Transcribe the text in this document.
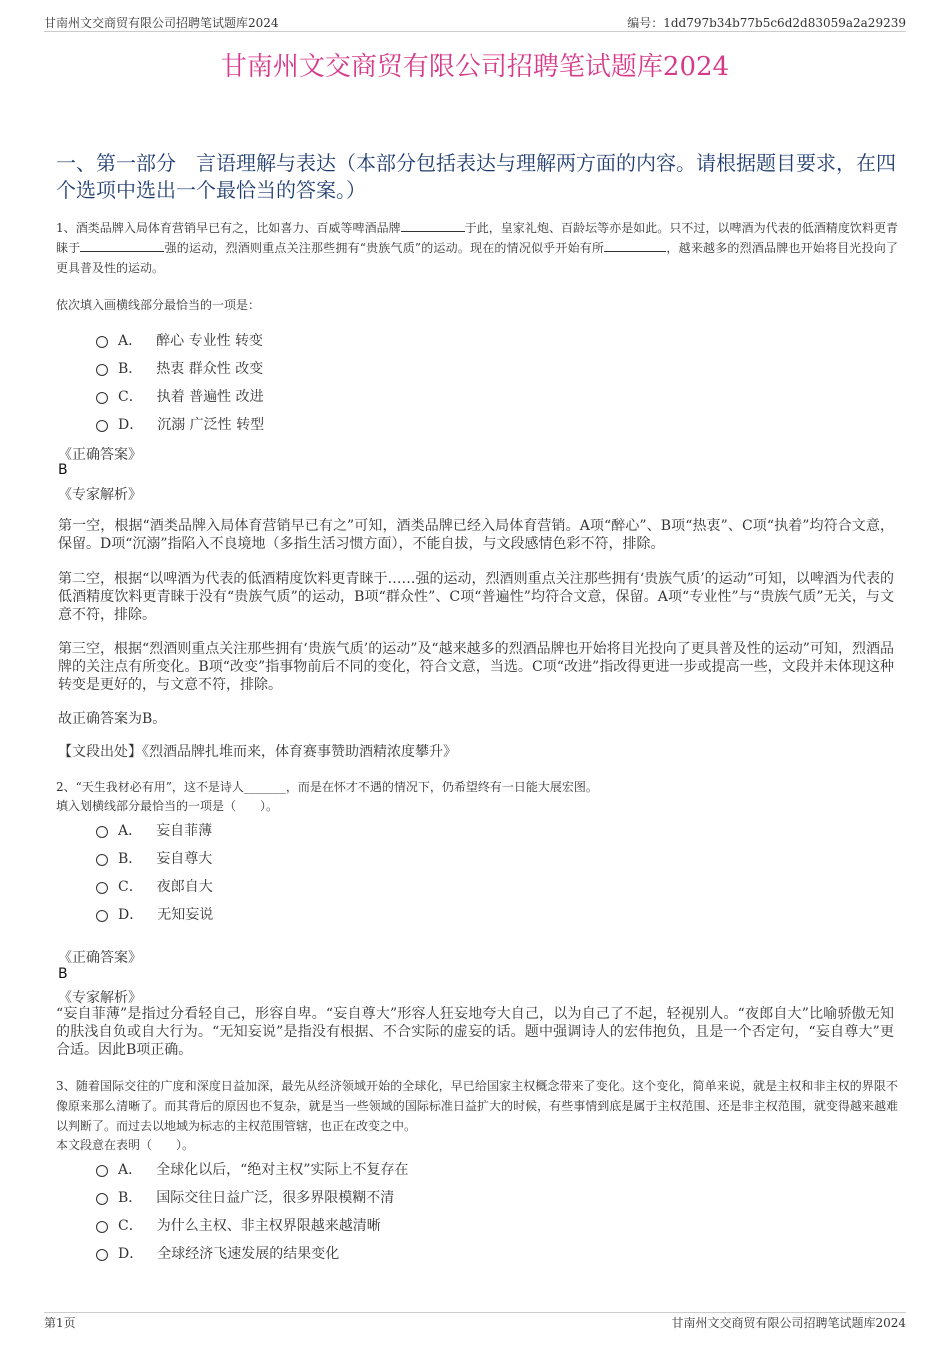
甘南州文交商贸有限公司招聘笔试题库2024	编号：1dd797b34b77b5c6d2d83059a2a29239
甘南州文交商贸有限公司招聘笔试题库2024
一、第一部分　言语理解与表达（本部分包括表达与理解两方面的内容。请根据题目要求，在四个选项中选出一个最恰当的答案。）
1、酒类品牌入局体育营销早已有之，比如喜力、百威等啤酒品牌	于此，皇家礼炮、百龄坛等亦是如此。只不过，以啤酒为代表的低酒精度饮料更青睐于	强的运动，烈酒则重点关注那些拥有“贵族气质”的运动。现在的情况似乎开始有所	，越来越多的烈酒品牌也开始将目光投向了更具普及性的运动。
依次填入画横线部分最恰当的一项是：
A． 醉心 专业性 转变
B． 热衷 群众性 改变
C． 执着 普遍性 改进
D． 沉溺 广泛性 转型
《正确答案》
B
《专家解析》
第一空，根据“酒类品牌入局体育营销早已有之”可知，酒类品牌已经入局体育营销。A项“醉心”、B项“热衷”、C项“执着”均符合文意，保留。D项“沉溺”指陷入不良境地（多指生活习惯方面），不能自拔，与文段感情色彩不符，排除。
第二空，根据“以啤酒为代表的低酒精度饮料更青睐于……强的运动，烈酒则重点关注那些拥有‘贵族气质’的运动”可知，以啤酒为代表的低酒精度饮料更青睐于没有“贵族气质”的运动，B项“群众性”、C项“普遍性”均符合文意，保留。A项“专业性”与“贵族气质”无关，与文意不符，排除。
第三空，根据“烈酒则重点关注那些拥有‘贵族气质’的运动”及“越来越多的烈酒品牌也开始将目光投向了更具普及性的运动”可知，烈酒品牌的关注点有所变化。B项“改变”指事物前后不同的变化，符合文意，当选。C项“改进”指改得更进一步或提高一些，文段并未体现这种转变是更好的，与文意不符，排除。
故正确答案为B。
【文段出处】《烈酒品牌扎堆而来，体育赛事赞助酒精浓度攀升》
2、“天生我材必有用”，这不是诗人_______，而是在怀才不遇的情况下，仍希望终有一日能大展宏图。
填入划横线部分最恰当的一项是（　　）。
A． 妄自菲薄
B． 妄自尊大
C． 夜郎自大
D． 无知妄说
《正确答案》
B
《专家解析》
“妄自菲薄”是指过分看轻自己，形容自卑。“妄自尊大”形容人狂妄地夸大自己，以为自己了不起，轻视别人。“夜郎自大”比喻骄傲无知的肤浅自负或自大行为。“无知妄说”是指没有根据、不合实际的虚妄的话。题中强调诗人的宏伟抱负，且是一个否定句，“妄自尊大”更合适。因此B项正确。
3、随着国际交往的广度和深度日益加深，最先从经济领域开始的全球化，早已给国家主权概念带来了变化。这个变化，简单来说，就是主权和非主权的界限不像原来那么清晰了。而其背后的原因也不复杂，就是当一些领域的国际标准日益扩大的时候，有些事情到底是属于主权范围、还是非主权范围，就变得越来越难以判断了。而过去以地域为标志的主权范围管辖，也正在改变之中。
本文段意在表明（　　）。
A． 全球化以后，“绝对主权”实际上不复存在
B． 国际交往日益广泛，很多界限模糊不清
C． 为什么主权、非主权界限越来越清晰
D． 全球经济飞速发展的结果变化
第1页	甘南州文交商贸有限公司招聘笔试题库2024
